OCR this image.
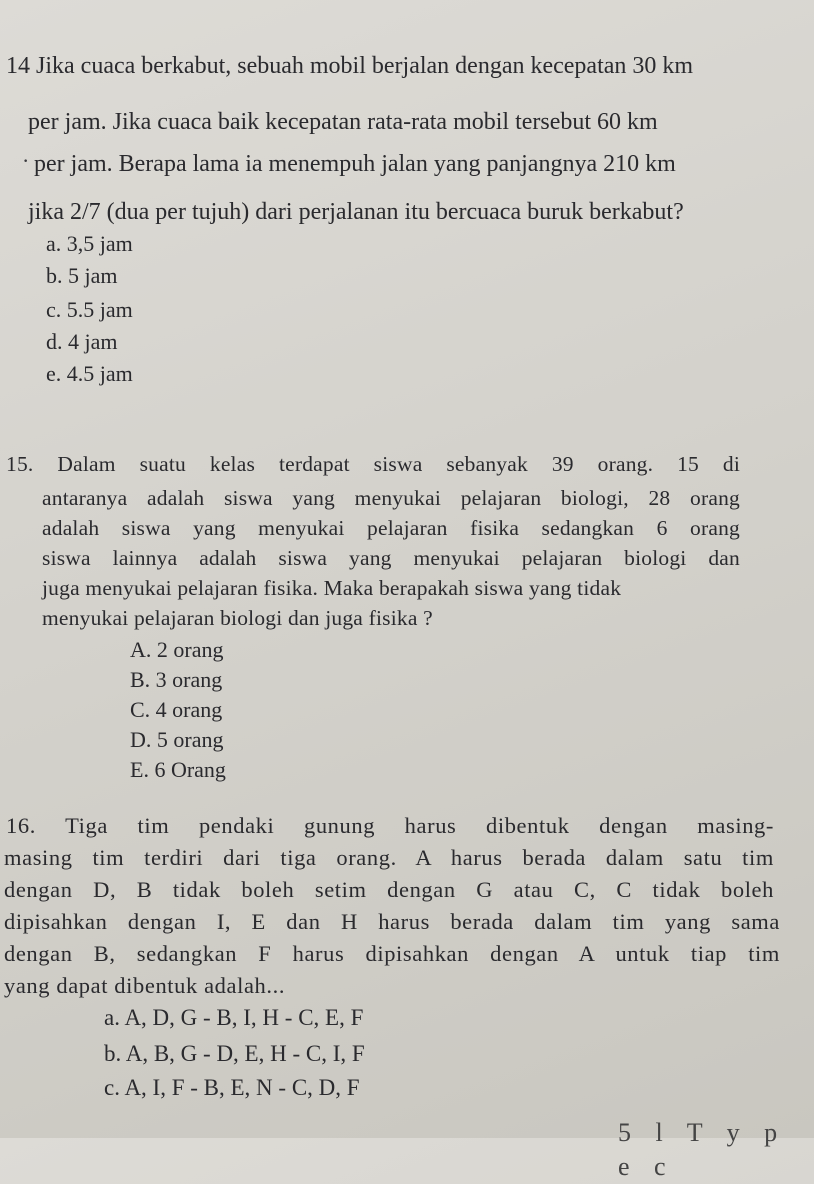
14 Jika cuaca berkabut, sebuah mobil berjalan dengan kecepatan 30 km
per jam. Jika cuaca baik kecepatan rata-rata mobil tersebut 60 km
· per jam. Berapa lama ia menempuh jalan yang panjangnya 210 km
jika 2/7 (dua per tujuh) dari perjalanan itu bercuaca buruk berkabut?
a. 3,5 jam
b. 5 jam
c. 5.5 jam
d. 4 jam
e. 4.5 jam
15. Dalam suatu kelas terdapat siswa sebanyak 39 orang. 15 di
antaranya adalah siswa yang menyukai pelajaran biologi, 28 orang
adalah siswa yang menyukai pelajaran fisika sedangkan 6 orang
siswa lainnya adalah siswa yang menyukai pelajaran biologi dan
juga menyukai pelajaran fisika. Maka berapakah siswa yang tidak
menyukai pelajaran biologi dan juga fisika ?
A. 2 orang
B. 3 orang
C. 4 orang
D. 5 orang
E. 6 Orang
16. Tiga tim pendaki gunung harus dibentuk dengan masing-
masing tim terdiri dari tiga orang. A harus berada dalam satu tim
dengan D, B tidak boleh setim dengan G atau C, C tidak boleh
dipisahkan dengan I, E dan H harus berada dalam tim yang sama
dengan B, sedangkan F harus dipisahkan dengan A untuk tiap tim
yang dapat dibentuk adalah...
a. A, D, G - B, I, H - C, E, F
b. A, B, G - D, E, H - C, I, F
c. A, I, F - B, E, N - C, D, F
5 l T y p e c
